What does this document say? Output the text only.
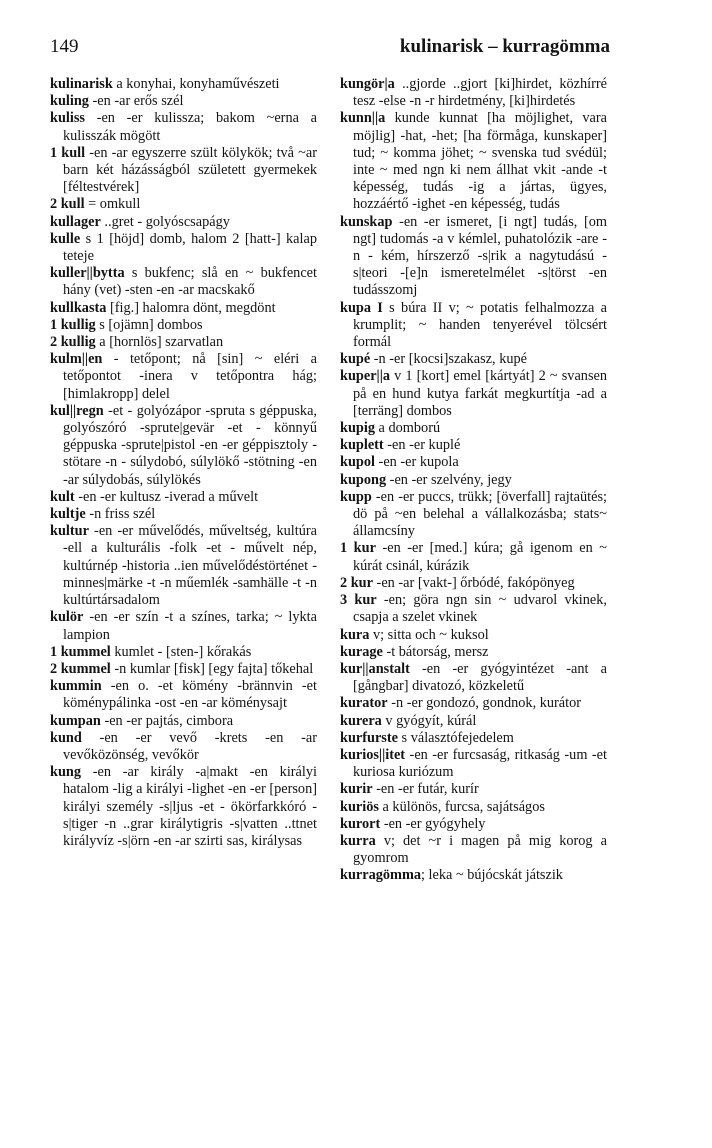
149	kulinarisk – kurragömma

kulinarisk a konyhai, konyhaművészeti

kuling -en -ar erős szél

kuliss -en -er kulissza; bakom ~erna a kulisszák mögött

1 kull -en -ar egyszerre szült kölykök; två ~ar barn két házásságból született gyermekek [féltestvérek]

2 kull = omkull

kullager ..gret - golyóscsapágy

kulle s 1 [höjd] domb, halom 2 [hatt-] kalap teteje

kuller||bytta s bukfenc; slå en ~ bukfencet hány (vet) -sten -en -ar macskakő

kullkasta [fig.] halomra dönt, megdönt

1 kullig s [ojämn] dombos

2 kullig a [hornlös] szarvatlan

kulm||en - tetőpont; nå [sin] ~ eléri a tetőpontot -inera v tetőpontra hág; [himlakropp] delel

kul||regn -et - golyózápor -spruta s géppuska, golyószóró -sprute|gevär -et - könnyű géppuska -sprute|pistol -en -er géppisztoly -stötare -n - súlydobó, súlylökő -stötning -en -ar súlydobás, súlylökés

kult -en -er kultusz -iverad a művelt

kultje -n friss szél

kultur -en -er művelődés, műveltség, kultúra -ell a kulturális -folk -et - művelt nép, kultúrnép -historia ..ien művelődéstörténet -minnes|märke -t -n műemlék -samhälle -t -n kultúrtársadalom

kulör -en -er szín -t a színes, tarka; ~ lykta lampion

1 kummel kumlet - [sten-] kőrakás

2 kummel -n kumlar [fisk] [egy fajta] tőkehal

kummin -en o. -et kömény -brännvin -et köménypálinka -ost -en -ar köménysajt

kumpan -en -er pajtás, cimbora

kund -en -er vevő -krets -en -ar vevőközönség, vevőkör

kung -en -ar király -a|makt -en királyi hatalom -lig a királyi -lighet -en -er [person] királyi személy -s|ljus -et - ökörfarkkóró -s|tiger -n ..grar királytigris -s|vatten ..ttnet királyvíz -s|örn -en -ar szirti sas, királysas

kungör|a ..gjorde ..gjort [ki]hirdet, közhírré tesz -else -n -r hirdetmény, [ki]hirdetés

kunn||a kunde kunnat [ha möjlighet, vara möjlig] -hat, -het; [ha förmåga, kunskaper] tud; ~ komma jöhet; ~ svenska tud svédül; inte ~ med ngn ki nem állhat vkit -ande -t képesség, tudás -ig a jártas, ügyes, hozzáértő -ighet -en képesség, tudás

kunskap -en -er ismeret, [i ngt] tudás, [om ngt] tudomás -a v kémlel, puhatolózik -are -n - kém, hírszerző -s|rik a nagytudású -s|teori -[e]n ismeretelmélet -s|törst -en tudásszomj

kupa I s búra II v; ~ potatis felhalmozza a krumplit; ~ handen tenyerével tölcsért formál

kupé -n -er [kocsi]szakasz, kupé

kuper||a v 1 [kort] emel [kártyát] 2 ~ svansen på en hund kutya farkát megkurtítja -ad a [terräng] dombos

kupig a domború

kuplett -en -er kuplé

kupol -en -er kupola

kupong -en -er szelvény, jegy

kupp -en -er puccs, trükk; [överfall] rajtaütés; dö på ~en belehal a vállalkozásba; stats~ államcsíny

1 kur -en -er [med.] kúra; gå igenom en ~ kúrát csinál, kúrázik

2 kur -en -ar [vakt-] őrbódé, fakópönyeg

3 kur -en; göra ngn sin ~ udvarol vkinek, csapja a szelet vkinek

kura v; sitta och ~ kuksol

kurage -t bátorság, mersz

kur||anstalt -en -er gyógyintézet -ant a [gångbar] divatozó, közkeletű

kurator -n -er gondozó, gondnok, kurátor

kurera v gyógyít, kúrál

kurfurste s választófejedelem

kurios||itet -en -er furcsaság, ritkaság -um -et kuriosa kuriózum

kurir -en -er futár, kurír

kuriös a különös, furcsa, sajátságos

kurort -en -er gyógyhely

kurra v; det ~r i magen på mig korog a gyomrom

kurragömma; leka ~ bújócskát játszik
